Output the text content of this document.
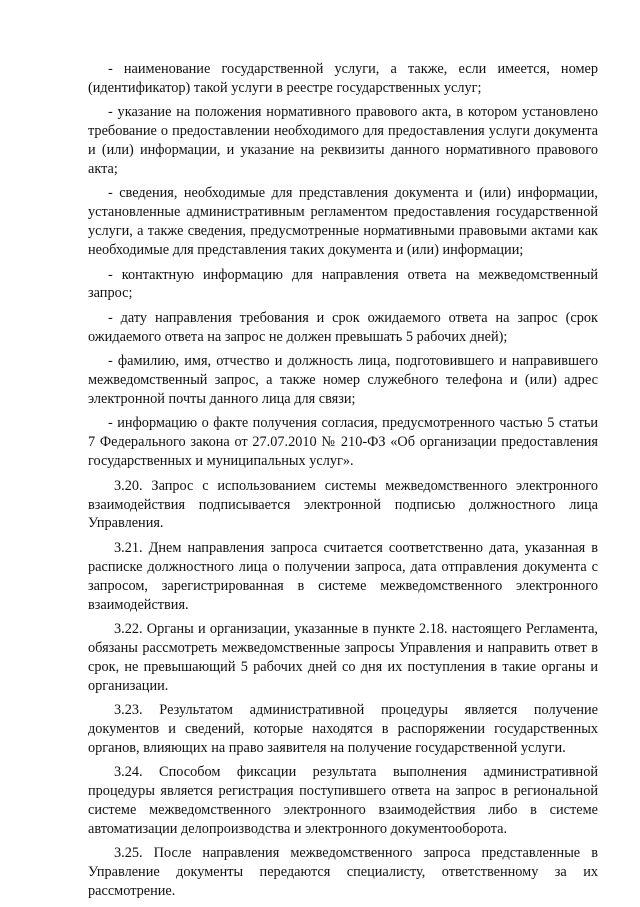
- наименование государственной услуги, а также, если имеется, номер (идентификатор) такой услуги в реестре государственных услуг;

- указание на положения нормативного правового акта, в котором установлено требование о предоставлении необходимого для предоставления услуги документа и (или) информации, и указание на реквизиты данного нормативного правового акта;

- сведения, необходимые для представления документа и (или) информации, установленные административным регламентом предоставления государственной услуги, а также сведения, предусмотренные нормативными правовыми актами как необходимые для представления таких документа и (или) информации;

- контактную информацию для направления ответа на межведомственный запрос;

- дату направления требования и срок ожидаемого ответа на запрос (срок ожидаемого ответа на запрос не должен превышать 5 рабочих дней);

- фамилию, имя, отчество и должность лица, подготовившего и направившего межведомственный запрос, а также номер служебного телефона и (или) адрес электронной почты данного лица для связи;

- информацию о факте получения согласия, предусмотренного частью 5 статьи 7 Федерального закона от 27.07.2010 № 210-ФЗ «Об организации предоставления государственных и муниципальных услуг».

3.20. Запрос с использованием системы межведомственного электронного взаимодействия подписывается электронной подписью должностного лица Управления.

3.21. Днем направления запроса считается соответственно дата, указанная в расписке должностного лица о получении запроса, дата отправления документа с запросом, зарегистрированная в системе межведомственного электронного взаимодействия.

3.22. Органы и организации, указанные в пункте 2.18. настоящего Регламента, обязаны рассмотреть межведомственные запросы Управления и направить ответ в срок, не превышающий 5 рабочих дней со дня их поступления в такие органы и организации.

3.23. Результатом административной процедуры является получение документов и сведений, которые находятся в распоряжении государственных органов, влияющих на право заявителя на получение государственной услуги.

3.24. Способом фиксации результата выполнения административной процедуры является регистрация поступившего ответа на запрос в региональной системе межведомственного электронного взаимодействия либо в системе автоматизации делопроизводства и электронного документооборота.

3.25. После направления межведомственного запроса представленные в Управление документы передаются специалисту, ответственному за их рассмотрение.
